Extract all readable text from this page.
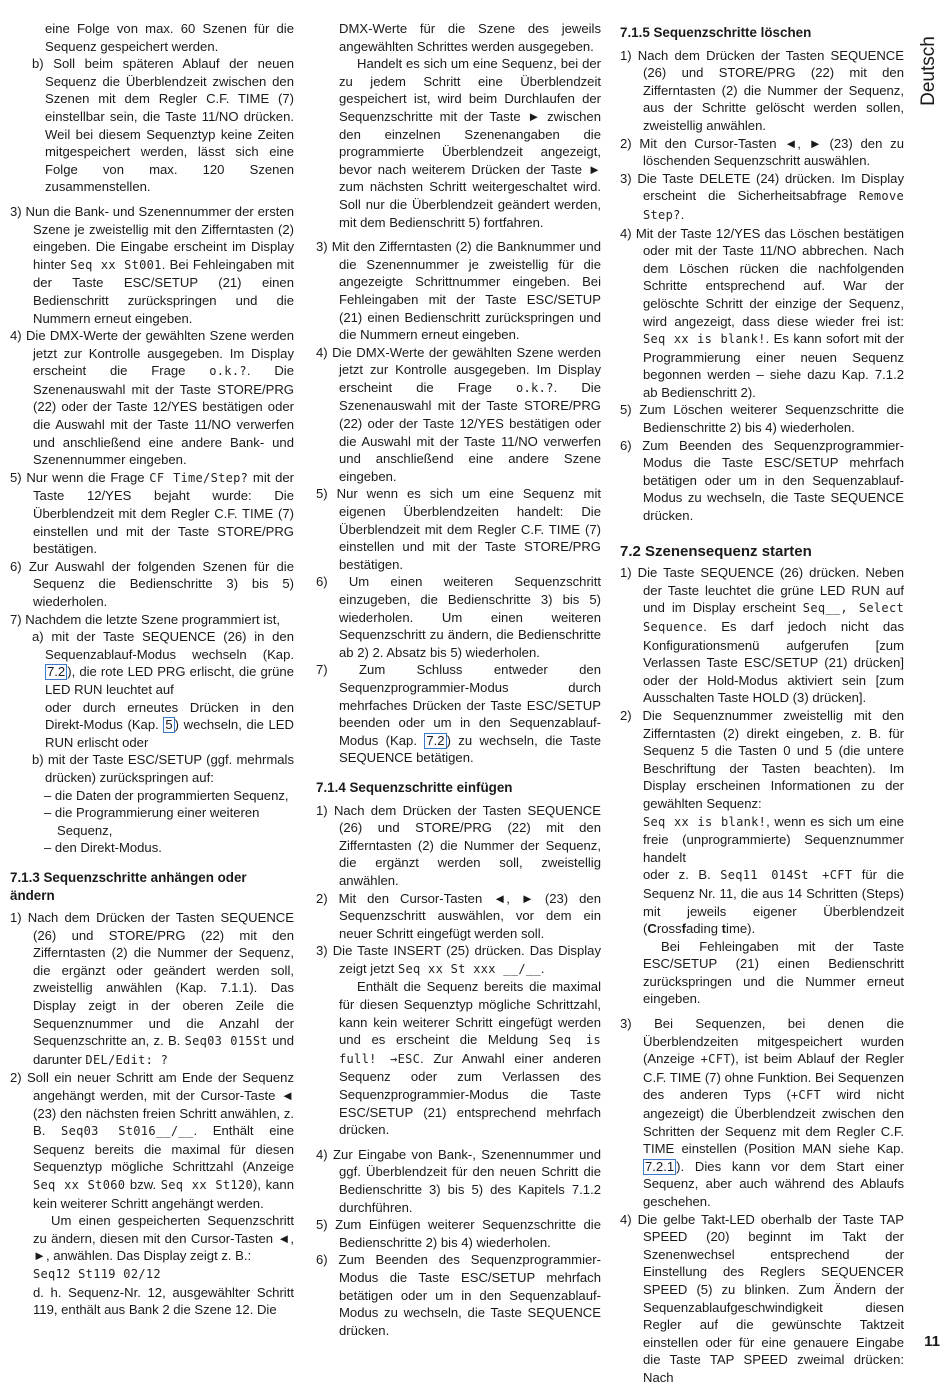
eine Folge von max. 60 Szenen für die Sequenz gespeichert werden.

b) Soll beim späteren Ablauf der neuen Sequenz die Überblendzeit zwischen den Szenen mit dem Regler C.F. TIME (7) einstellbar sein, die Taste 11/NO drücken. Weil bei diesem Sequenztyp keine Zeiten mitgespeichert werden, lässt sich eine Folge von max. 120 Szenen zusammenstellen.

3) Nun die Bank- und Szenennummer der ersten Szene je zweistellig mit den Zifferntasten (2) eingeben. Die Eingabe erscheint im Display hinter Seq xx St001. Bei Fehleingaben mit der Taste ESC/SETUP (21) einen Bedienschritt zurückspringen und die Nummern erneut eingeben.

4) Die DMX-Werte der gewählten Szene werden jetzt zur Kontrolle ausgegeben. Im Display erscheint die Frage o.k.?. Die Szenenauswahl mit der Taste STORE/PRG (22) oder der Taste 12/YES bestätigen oder die Auswahl mit der Taste 11/NO verwerfen und anschließend eine andere Bank- und Szenennummer eingeben.

5) Nur wenn die Frage CF Time/Step? mit der Taste 12/YES bejaht wurde: Die Überblendzeit mit dem Regler C.F. TIME (7) einstellen und mit der Taste STORE/PRG bestätigen.

6) Zur Auswahl der folgenden Szenen für die Sequenz die Bedienschritte 3) bis 5) wiederholen.

7) Nachdem die letzte Szene programmiert ist,

a) mit der Taste SEQUENCE (26) in den Sequenzablauf-Modus wechseln (Kap. 7.2 ), die rote LED PRG erlischt, die grüne LED RUN leuchtet auf

oder durch erneutes Drücken in den Direkt-Modus (Kap. 5 ) wechseln, die LED RUN erlischt oder

b) mit der Taste ESC/SETUP (ggf. mehrmals drücken) zurückspringen auf:

– die Daten der programmierten Sequenz,

– die Programmierung einer weiteren Sequenz,

– den Direkt-Modus.

7.1.3 Sequenzschritte anhängen oder ändern

1) Nach dem Drücken der Tasten SEQUENCE (26) und STORE/PRG (22) mit den Zifferntasten (2) die Nummer der Sequenz, die ergänzt oder geändert werden soll, zweistellig anwählen (Kap. 7.1.1). Das Display zeigt in der oberen Zeile die Sequenznummer und die Anzahl der Sequenzschritte an, z. B. Seq03 015St und darunter DEL/Edit: ?

2) Soll ein neuer Schritt am Ende der Sequenz angehängt werden, mit der Cursor-Taste ◄ (23) den nächsten freien Schritt anwählen, z. B. Seq03 St016__/__. Enthält eine Sequenz bereits die maximal für diesen Sequenztyp mögliche Schrittzahl (Anzeige Seq xx St060 bzw. Seq xx St120), kann kein weiterer Schritt angehängt werden.

Um einen gespeicherten Sequenzschritt zu ändern, diesen mit den Cursor-Tasten ◄, ►, anwählen. Das Display zeigt z. B.:

Seq12 St119 02/12

d. h. Sequenz-Nr. 12, ausgewählter Schritt 119, enthält aus Bank 2 die Szene 12. Die

DMX-Werte für die Szene des jeweils angewählten Schrittes werden ausgegeben.

Handelt es sich um eine Sequenz, bei der zu jedem Schritt eine Überblendzeit gespeichert ist, wird beim Durchlaufen der Sequenzschritte mit der Taste ► zwischen den einzelnen Szenenangaben die programmierte Überblendzeit angezeigt, bevor nach weiterem Drücken der Taste ► zum nächsten Schritt weitergeschaltet wird. Soll nur die Überblendzeit geändert werden, mit dem Bedienschritt 5) fortfahren.

3) Mit den Zifferntasten (2) die Banknummer und die Szenennummer je zweistellig für die angezeigte Schrittnummer eingeben. Bei Fehleingaben mit der Taste ESC/SETUP (21) einen Bedienschritt zurückspringen und die Nummern erneut eingeben.

4) Die DMX-Werte der gewählten Szene werden jetzt zur Kontrolle ausgegeben. Im Display erscheint die Frage o.k.?. Die Szenenauswahl mit der Taste STORE/PRG (22) oder der Taste 12/YES bestätigen oder die Auswahl mit der Taste 11/NO verwerfen und anschließend eine andere Szene eingeben.

5) Nur wenn es sich um eine Sequenz mit eigenen Überblendzeiten handelt: Die Überblendzeit mit dem Regler C.F. TIME (7) einstellen und mit der Taste STORE/PRG bestätigen.

6) Um einen weiteren Sequenzschritt einzugeben, die Bedienschritte 3) bis 5) wiederholen. Um einen weiteren Sequenzschritt zu ändern, die Bedienschritte ab 2) 2. Absatz bis 5) wiederholen.

7) Zum Schluss entweder den Sequenzprogrammier-Modus durch mehrfaches Drücken der Taste ESC/SETUP beenden oder um in den Sequenzablauf-Modus (Kap. 7.2 ) zu wechseln, die Taste SEQUENCE betätigen.

7.1.4 Sequenzschritte einfügen

1) Nach dem Drücken der Tasten SEQUENCE (26) und STORE/PRG (22) mit den Zifferntasten (2) die Nummer der Sequenz, die ergänzt werden soll, zweistellig anwählen.

2) Mit den Cursor-Tasten ◄, ► (23) den Sequenzschritt auswählen, vor dem ein neuer Schritt eingefügt werden soll.

3) Die Taste INSERT (25) drücken. Das Display zeigt jetzt Seq xx St xxx __/__.

Enthält die Sequenz bereits die maximal für diesen Sequenztyp mögliche Schrittzahl, kann kein weiterer Schritt eingefügt werden und es erscheint die Meldung Seq is full! →ESC. Zur Anwahl einer anderen Sequenz oder zum Verlassen des Sequenzprogrammier-Modus die Taste ESC/SETUP (21) entsprechend mehrfach drücken.

4) Zur Eingabe von Bank-, Szenennummer und ggf. Überblendzeit für den neuen Schritt die Bedienschritte 3) bis 5) des Kapitels 7.1.2 durchführen.

5) Zum Einfügen weiterer Sequenzschritte die Bedienschritte 2) bis 4) wiederholen.

6) Zum Beenden des Sequenzprogrammier-Modus die Taste ESC/SETUP mehrfach betätigen oder um in den Sequenzablauf-Modus zu wechseln, die Taste SEQUENCE drücken.

7.1.5 Sequenzschritte löschen

1) Nach dem Drücken der Tasten SEQUENCE (26) und STORE/PRG (22) mit den Zifferntasten (2) die Nummer der Sequenz, aus der Schritte gelöscht werden sollen, zweistellig anwählen.

2) Mit den Cursor-Tasten ◄, ► (23) den zu löschenden Sequenzschritt auswählen.

3) Die Taste DELETE (24) drücken. Im Display erscheint die Sicherheitsabfrage Remove Step?.

4) Mit der Taste 12/YES das Löschen bestätigen oder mit der Taste 11/NO abbrechen. Nach dem Löschen rücken die nachfolgenden Schritte entsprechend auf. War der gelöschte Schritt der einzige der Sequenz, wird angezeigt, dass diese wieder frei ist: Seq xx is blank!. Es kann sofort mit der Programmierung einer neuen Sequenz begonnen werden – siehe dazu Kap. 7.1.2 ab Bedienschritt 2).

5) Zum Löschen weiterer Sequenzschritte die Bedienschritte 2) bis 4) wiederholen.

6) Zum Beenden des Sequenzprogrammier-Modus die Taste ESC/SETUP mehrfach betätigen oder um in den Sequenzablauf-Modus zu wechseln, die Taste SEQUENCE drücken.

7.2 Szenensequenz starten

1) Die Taste SEQUENCE (26) drücken. Neben der Taste leuchtet die grüne LED RUN auf und im Display erscheint Seq__, Select Sequence. Es darf jedoch nicht das Konfigurationsmenü aufgerufen [zum Verlassen Taste ESC/SETUP (21) drücken] oder der Hold-Modus aktiviert sein [zum Ausschalten Taste HOLD (3) drücken].

2) Die Sequenznummer zweistellig mit den Zifferntasten (2) direkt eingeben, z. B. für Sequenz 5 die Tasten 0 und 5 (die untere Beschriftung der Tasten beachten). Im Display erscheinen Informationen zu der gewählten Sequenz:

Seq xx is blank!, wenn es sich um eine freie (unprogrammierte) Sequenznummer handelt

oder z. B. Seq11 014St +CFT für die Sequenz Nr. 11, die aus 14 Schritten (Steps) mit jeweils eigener Überblendzeit (Crossfading time).

Bei Fehleingaben mit der Taste ESC/SETUP (21) einen Bedienschritt zurückspringen und die Nummer erneut eingeben.

3) Bei Sequenzen, bei denen die Überblendzeiten mitgespeichert wurden (Anzeige +CFT), ist beim Ablauf der Regler C.F. TIME (7) ohne Funktion. Bei Sequenzen des anderen Typs (+CFT wird nicht angezeigt) die Überblendzeit zwischen den Schritten der Sequenz mit dem Regler C.F. TIME einstellen (Position MAN siehe Kap. 7.2.1 ). Dies kann vor dem Start einer Sequenz, aber auch während des Ablaufs geschehen.

4) Die gelbe Takt-LED oberhalb der Taste TAP SPEED (20) beginnt im Takt der Szenenwechsel entsprechend der Einstellung des Reglers SEQUENCER SPEED (5) zu blinken. Zum Ändern der Sequenzablaufgeschwindigkeit diesen Regler auf die gewünschte Taktzeit einstellen oder für eine genauere Eingabe die Taste TAP SPEED zweimal drücken: Nach

Deutsch
11
